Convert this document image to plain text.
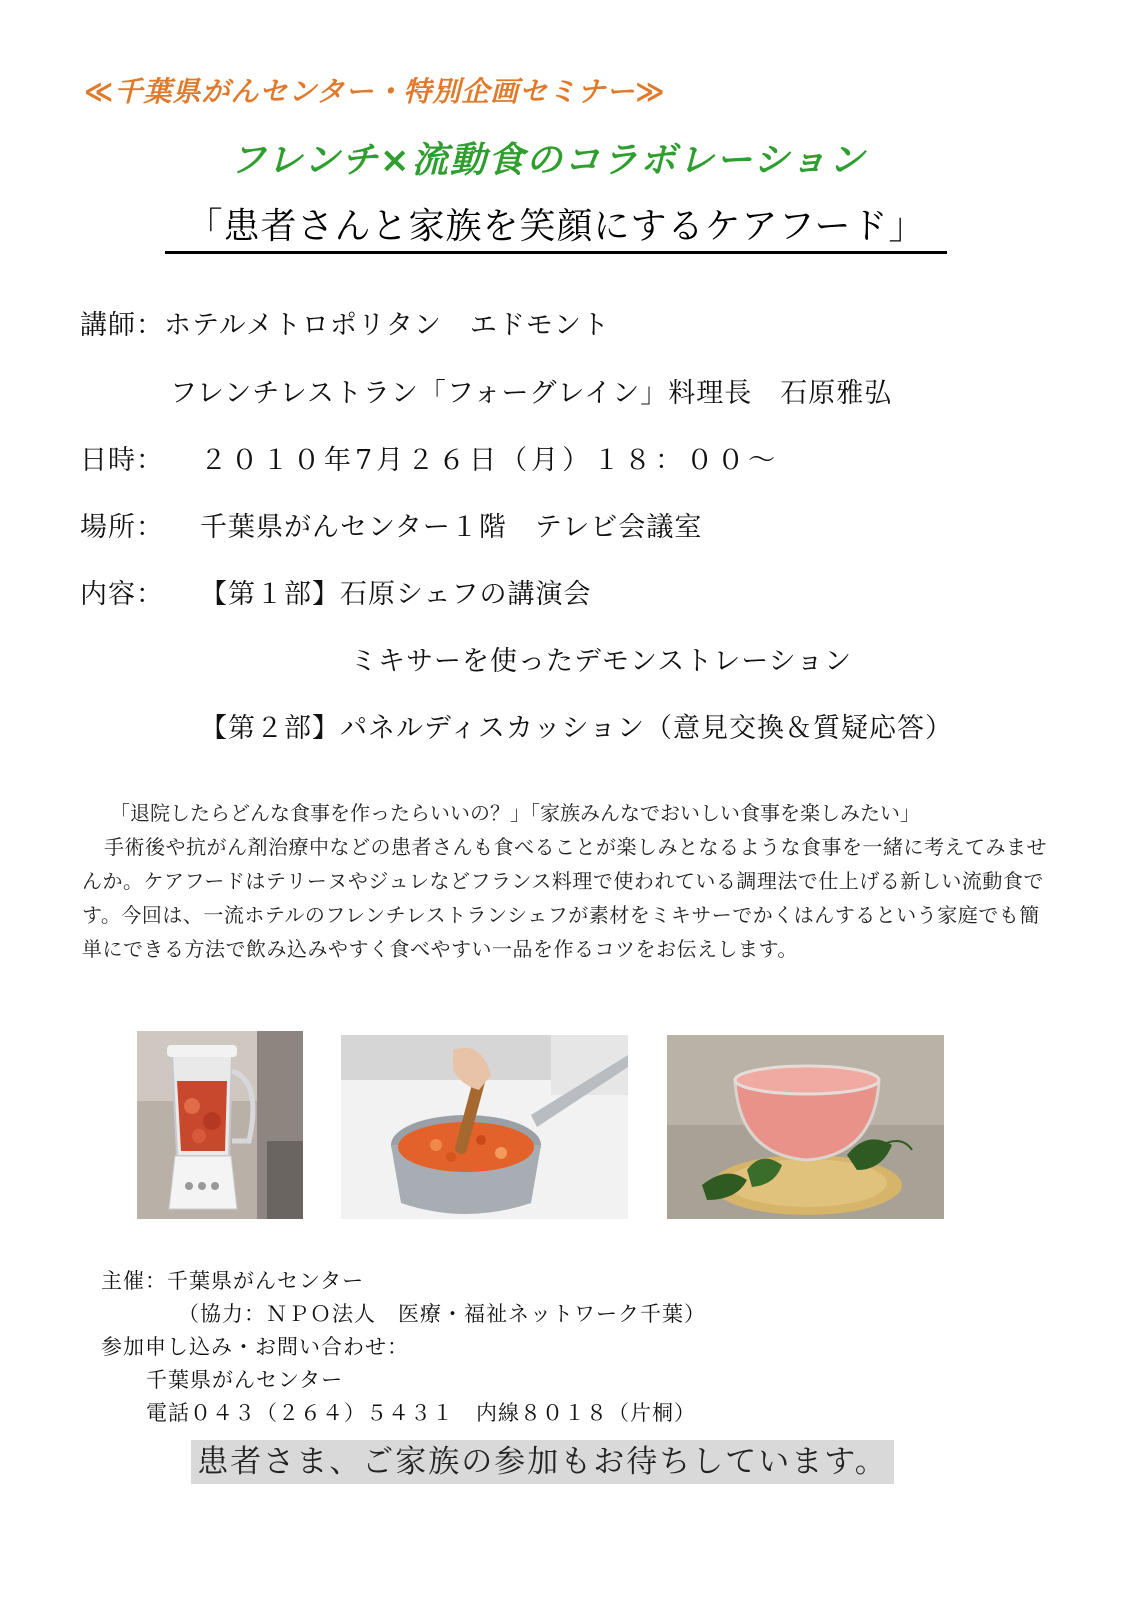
≪千葉県がんセンター・特別企画セミナー≫
フレンチ×流動食のコラボレーション
「患者さんと家族を笑顔にするケアフード」
講師：ホテルメトロポリタン　エドモント
フレンチレストラン「フォーグレイン」料理長　石原雅弘
日時： ２０１０年7月２６日（月）１８：００～
場所： 千葉県がんセンター１階　テレビ会議室
内容： 【第１部】石原シェフの講演会
ミキサーを使ったデモンストレーション
【第２部】パネルディスカッション（意見交換＆質疑応答）

「退院したらどんな食事を作ったらいいの？」「家族みんなでおいしい食事を楽しみたい」

手術後や抗がん剤治療中などの患者さんも食べることが楽しみとなるような食事を一緒に考えてみませんか。ケアフードはテリーヌやジュレなどフランス料理で使われている調理法で仕上げる新しい流動食です。今回は、一流ホテルのフレンチレストランシェフが素材をミキサーでかくはんするという家庭でも簡単にできる方法で飲み込みやすく食べやすい一品を作るコツをお伝えします。

主催：千葉県がんセンター
（協力：ＮＰＯ法人　医療・福祉ネットワーク千葉）
参加申し込み・お問い合わせ：
千葉県がんセンター
電話０４３（２６４）５４３１　内線８０１８（片桐）
患者さま、ご家族の参加もお待ちしています。
